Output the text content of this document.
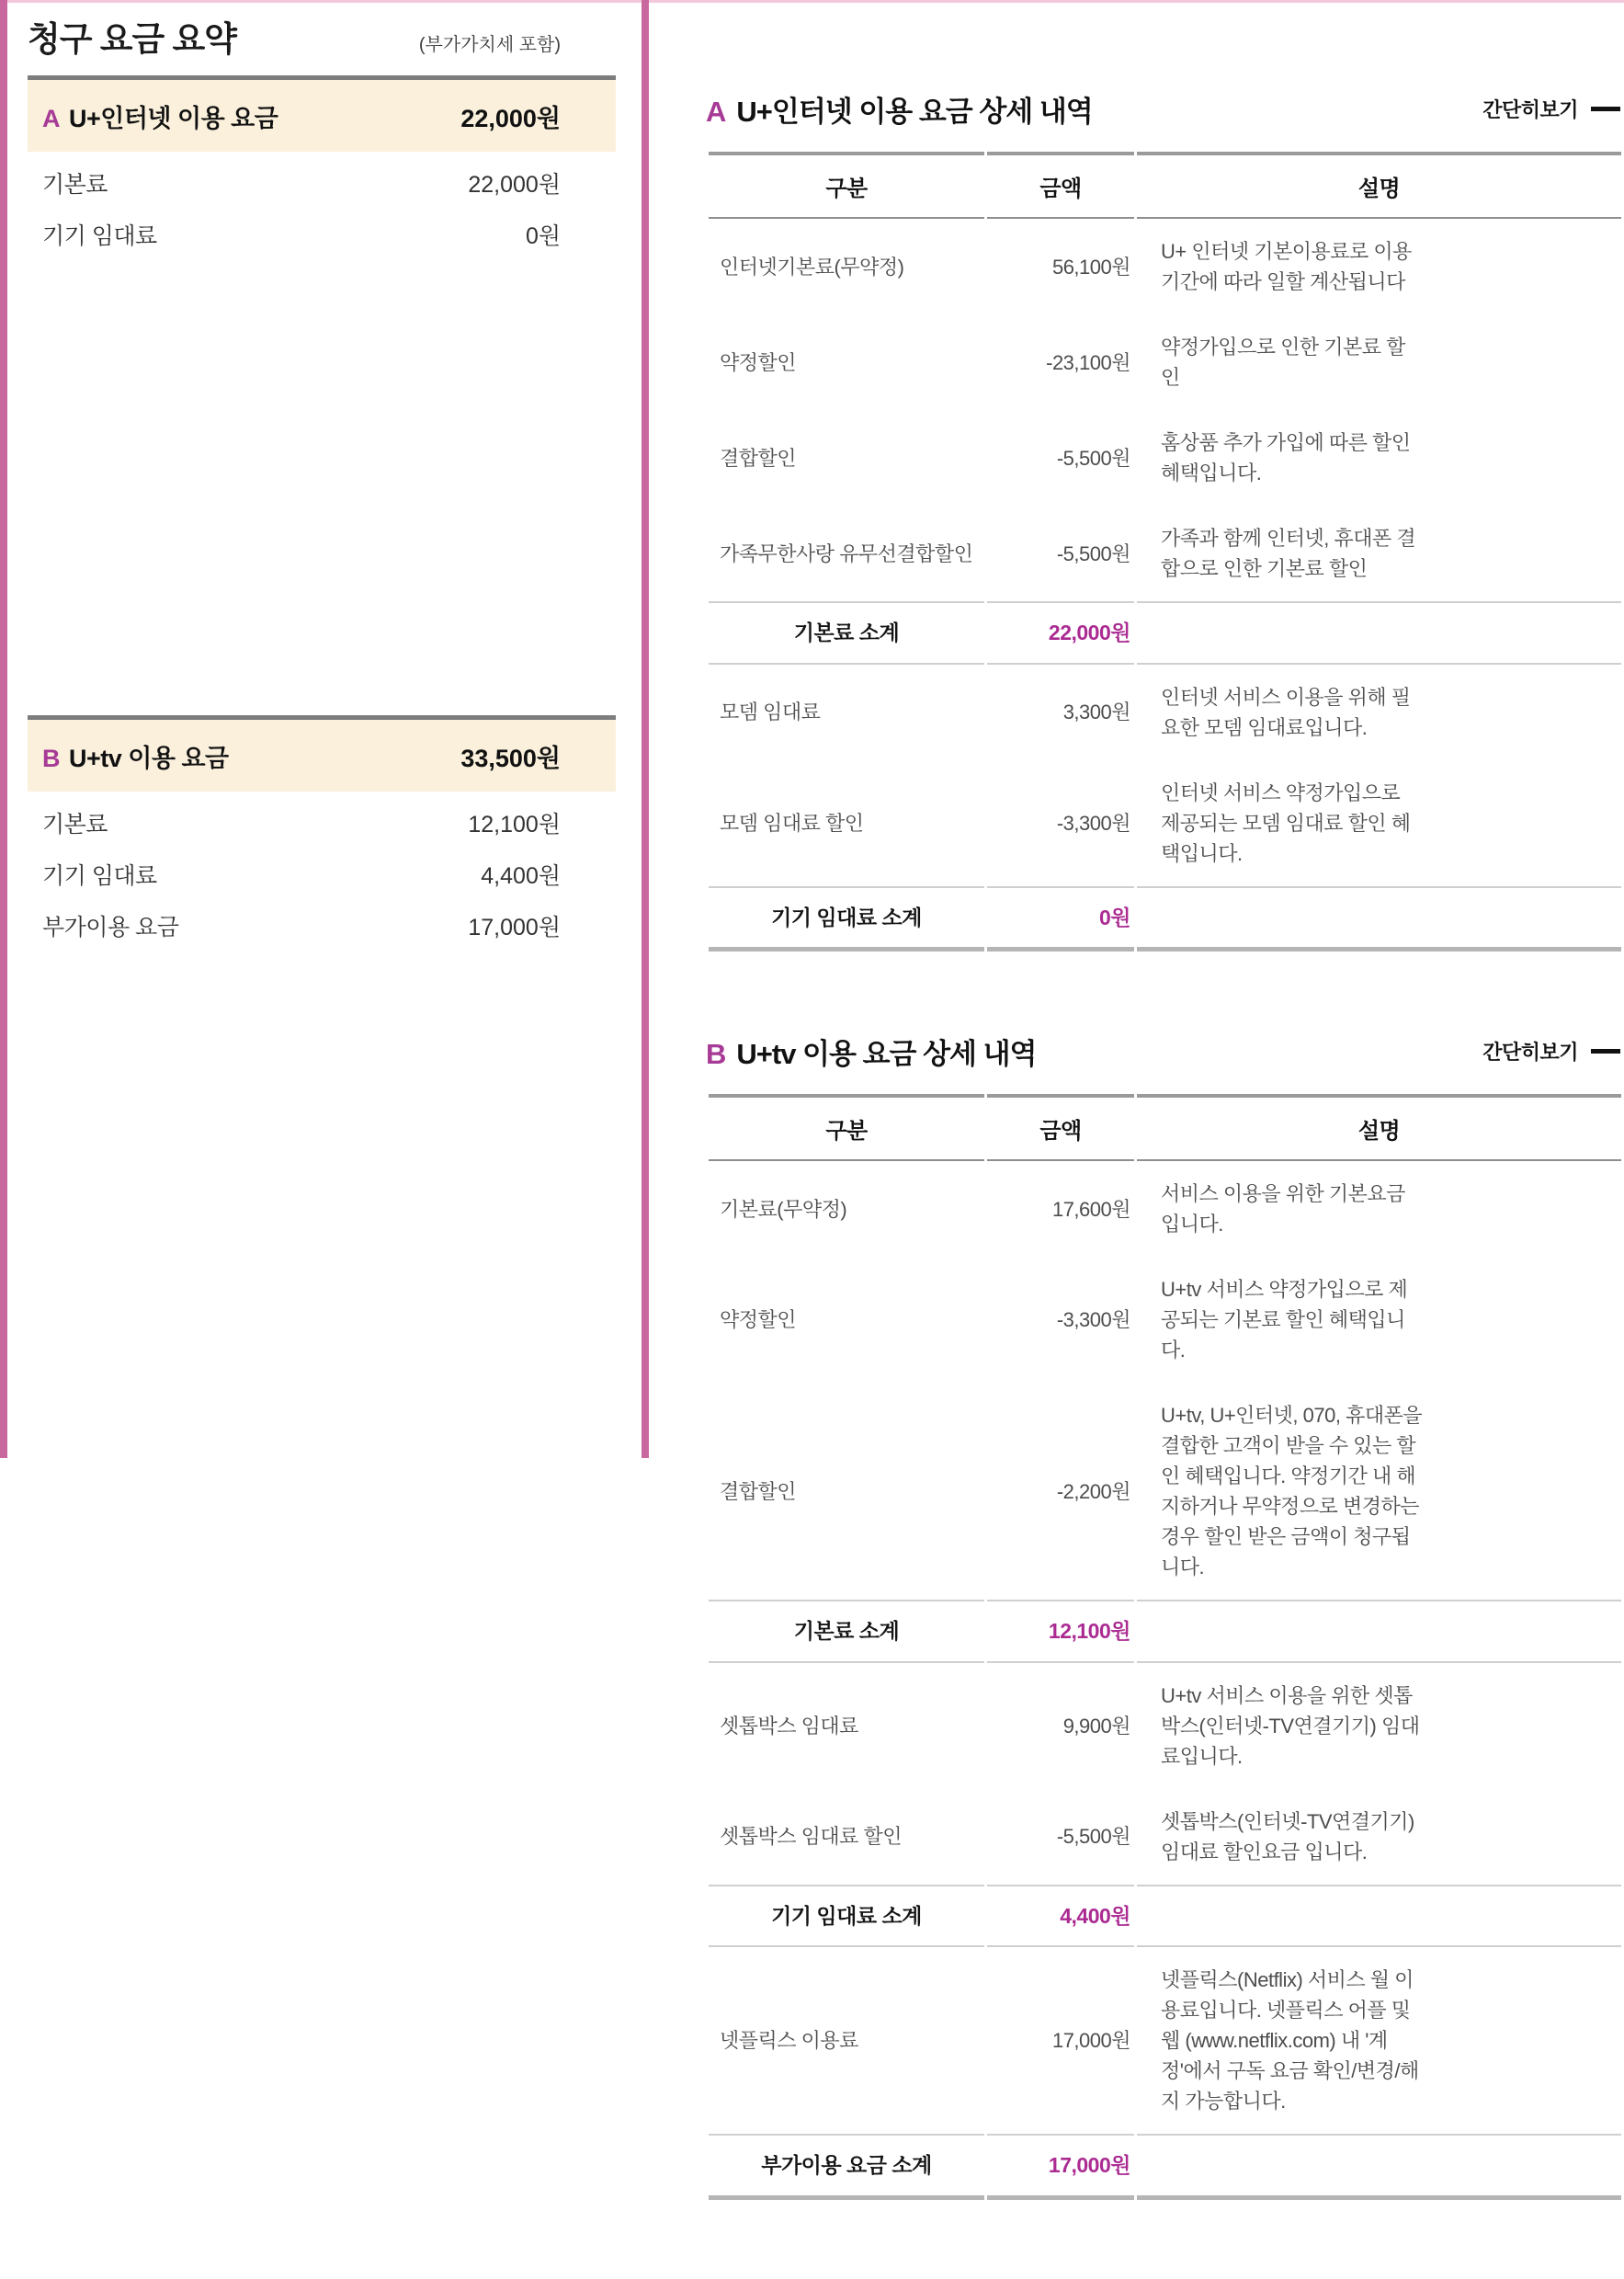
청구 요금 요약	(부가가치세 포함)
A U+인터넷 이용 요금	22,000원
기본료	22,000원
기기 임대료	0원
B U+tv 이용 요금	33,500원
기본료	12,100원
기기 임대료	4,400원
부가이용 요금	17,000원
A U+인터넷 이용 요금 상세 내역	간단히보기
구분	금액	설명
인터넷기본료(무약정)	56,100원	U+ 인터넷 기본이용료로 이용기간에 따라 일할 계산됩니다
약정할인	-23,100원	약정가입으로 인한 기본료 할인
결합할인	-5,500원	홈상품 추가 가입에 따른 할인 혜택입니다.
가족무한사랑 유무선결합할인	-5,500원	가족과 함께 인터넷, 휴대폰 결합으로 인한 기본료 할인
기본료 소계	22,000원	
모뎀 임대료	3,300원	인터넷 서비스 이용을 위해 필요한 모뎀 임대료입니다.
모뎀 임대료 할인	-3,300원	인터넷 서비스 약정가입으로 제공되는 모뎀 임대료 할인 혜택입니다.
기기 임대료 소계	0원	
B U+tv 이용 요금 상세 내역	간단히보기
구분	금액	설명
기본료(무약정)	17,600원	서비스 이용을 위한 기본요금 입니다.
약정할인	-3,300원	U+tv 서비스 약정가입으로 제공되는 기본료 할인 혜택입니다.
결합할인	-2,200원	U+tv, U+인터넷, 070, 휴대폰을 결합한 고객이 받을 수 있는 할인 혜택입니다. 약정기간 내 해지하거나 무약정으로 변경하는 경우 할인 받은 금액이 청구됩니다.
기본료 소계	12,100원	
셋톱박스 임대료	9,900원	U+tv 서비스 이용을 위한 셋톱박스(인터넷-TV연결기기) 임대료입니다.
셋톱박스 임대료 할인	-5,500원	셋톱박스(인터넷-TV연결기기) 임대료 할인요금 입니다.
기기 임대료 소계	4,400원	
넷플릭스 이용료	17,000원	넷플릭스(Netflix) 서비스 월 이용료입니다. 넷플릭스 어플 및 웹 (www.netflix.com) 내 '계정'에서 구독 요금 확인/변경/해지 가능합니다.
부가이용 요금 소계	17,000원	
